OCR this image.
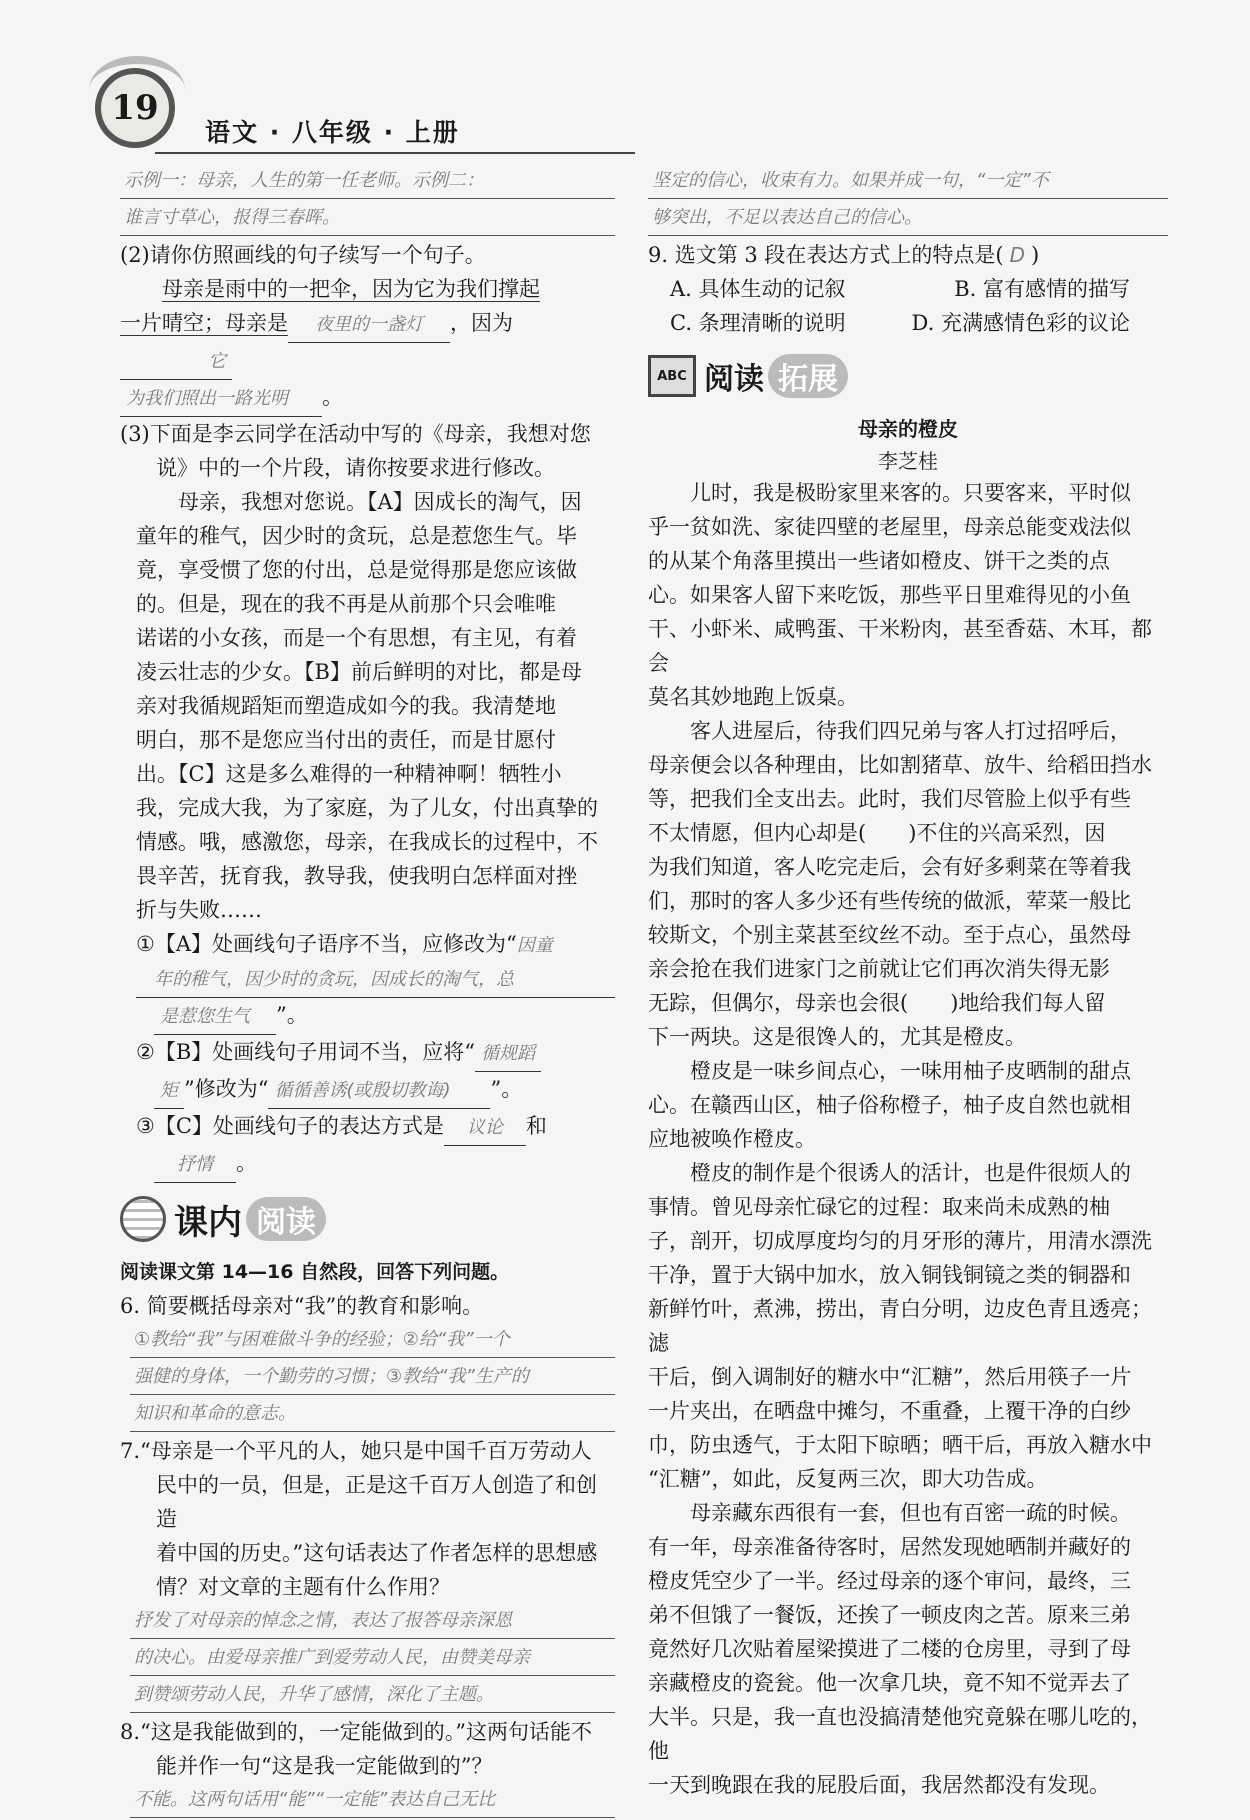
19
语文 · 八年级 · 上册
示例一：母亲，人生的第一任老师。示例二：
谁言寸草心，报得三春晖。

(2)请你仿照画线的句子续写一个句子。

母亲是雨中的一把伞，因为它为我们撑起

一片晴空；母亲是 夜里的一盏灯 ，因为它

为我们照出一路光明 。

(3)下面是李云同学在活动中写的《母亲，我想对您

说》中的一个片段，请你按要求进行修改。

母亲，我想对您说。【A】因成长的淘气，因

童年的稚气，因少时的贪玩，总是惹您生气。毕

竟，享受惯了您的付出，总是觉得那是您应该做

的。但是，现在的我不再是从前那个只会唯唯

诺诺的小女孩，而是一个有思想，有主见，有着

凌云壮志的少女。【B】前后鲜明的对比，都是母

亲对我循规蹈矩而塑造成如今的我。我清楚地

明白，那不是您应当付出的责任，而是甘愿付

出。【C】这是多么难得的一种精神啊！牺牲小

我，完成大我，为了家庭，为了儿女，付出真挚的

情感。哦，感激您，母亲，在我成长的过程中，不

畏辛苦，抚育我，教导我，使我明白怎样面对挫

折与失败……

①【A】处画线句子语序不当，应修改为“因童

年的稚气，因少时的贪玩，因成长的淘气，总

是惹您生气 ”。

②【B】处画线句子用词不当，应将“ 循规蹈

矩 ”修改为“ 循循善诱(或殷切教诲) ”。

③【C】处画线句子的表达方式是 议论 和

抒情 。

课内 阅读

阅读课文第 14—16 自然段，回答下列问题。

6. 简要概括母亲对“我”的教育和影响。

①教给“我”与困难做斗争的经验；②给“我”一个
强健的身体，一个勤劳的习惯；③教给“我”生产的
知识和革命的意志。

7.“母亲是一个平凡的人，她只是中国千百万劳动人

民中的一员，但是，正是这千百万人创造了和创造

着中国的历史。”这句话表达了作者怎样的思想感

情？对文章的主题有什么作用？

抒发了对母亲的悼念之情，表达了报答母亲深恩
的决心。由爱母亲推广到爱劳动人民，由赞美母亲
到赞颂劳动人民，升华了感情，深化了主题。

8.“这是我能做到的，一定能做到的。”这两句话能不

能并作一句“这是我一定能做到的”？

不能。这两句话用“能”“一定能”表达自己无比
坚定的信心，收束有力。如果并成一句，“一定”不
够突出，不足以表达自己的信心。

9. 选文第 3 段在表达方式上的特点是( D )

A. 具体生动的记叙	B. 富有感情的描写

C. 条理清晰的说明	D. 充满感情色彩的议论

ABC 阅读 拓展

母亲的橙皮

李芝桂

儿时，我是极盼家里来客的。只要客来，平时似

乎一贫如洗、家徒四壁的老屋里，母亲总能变戏法似

的从某个角落里摸出一些诸如橙皮、饼干之类的点

心。如果客人留下来吃饭，那些平日里难得见的小鱼

干、小虾米、咸鸭蛋、干米粉肉，甚至香菇、木耳，都会

莫名其妙地跑上饭桌。

客人进屋后，待我们四兄弟与客人打过招呼后，

母亲便会以各种理由，比如割猪草、放牛、给稻田挡水

等，把我们全支出去。此时，我们尽管脸上似乎有些

不太情愿，但内心却是(　　)不住的兴高采烈，因

为我们知道，客人吃完走后，会有好多剩菜在等着我

们，那时的客人多少还有些传统的做派，荤菜一般比

较斯文，个别主菜甚至纹丝不动。至于点心，虽然母

亲会抢在我们进家门之前就让它们再次消失得无影

无踪，但偶尔，母亲也会很(　　)地给我们每人留

下一两块。这是很馋人的，尤其是橙皮。

橙皮是一味乡间点心，一味用柚子皮晒制的甜点

心。在赣西山区，柚子俗称橙子，柚子皮自然也就相

应地被唤作橙皮。

橙皮的制作是个很诱人的活计，也是件很烦人的

事情。曾见母亲忙碌它的过程：取来尚未成熟的柚

子，剖开，切成厚度均匀的月牙形的薄片，用清水漂洗

干净，置于大锅中加水，放入铜钱铜镜之类的铜器和

新鲜竹叶，煮沸，捞出，青白分明，边皮色青且透亮；滤

干后，倒入调制好的糖水中“汇糖”，然后用筷子一片

一片夹出，在晒盘中摊匀，不重叠，上覆干净的白纱

巾，防虫透气，于太阳下晾晒；晒干后，再放入糖水中

“汇糖”，如此，反复两三次，即大功告成。

母亲藏东西很有一套，但也有百密一疏的时候。

有一年，母亲准备待客时，居然发现她晒制并藏好的

橙皮凭空少了一半。经过母亲的逐个审问，最终，三

弟不但饿了一餐饭，还挨了一顿皮肉之苦。原来三弟

竟然好几次贴着屋梁摸进了二楼的仓房里，寻到了母

亲藏橙皮的瓷瓮。他一次拿几块，竟不知不觉弄去了

大半。只是，我一直也没搞清楚他究竟躲在哪儿吃的，他

一天到晚跟在我的屁股后面，我居然都没有发现。
